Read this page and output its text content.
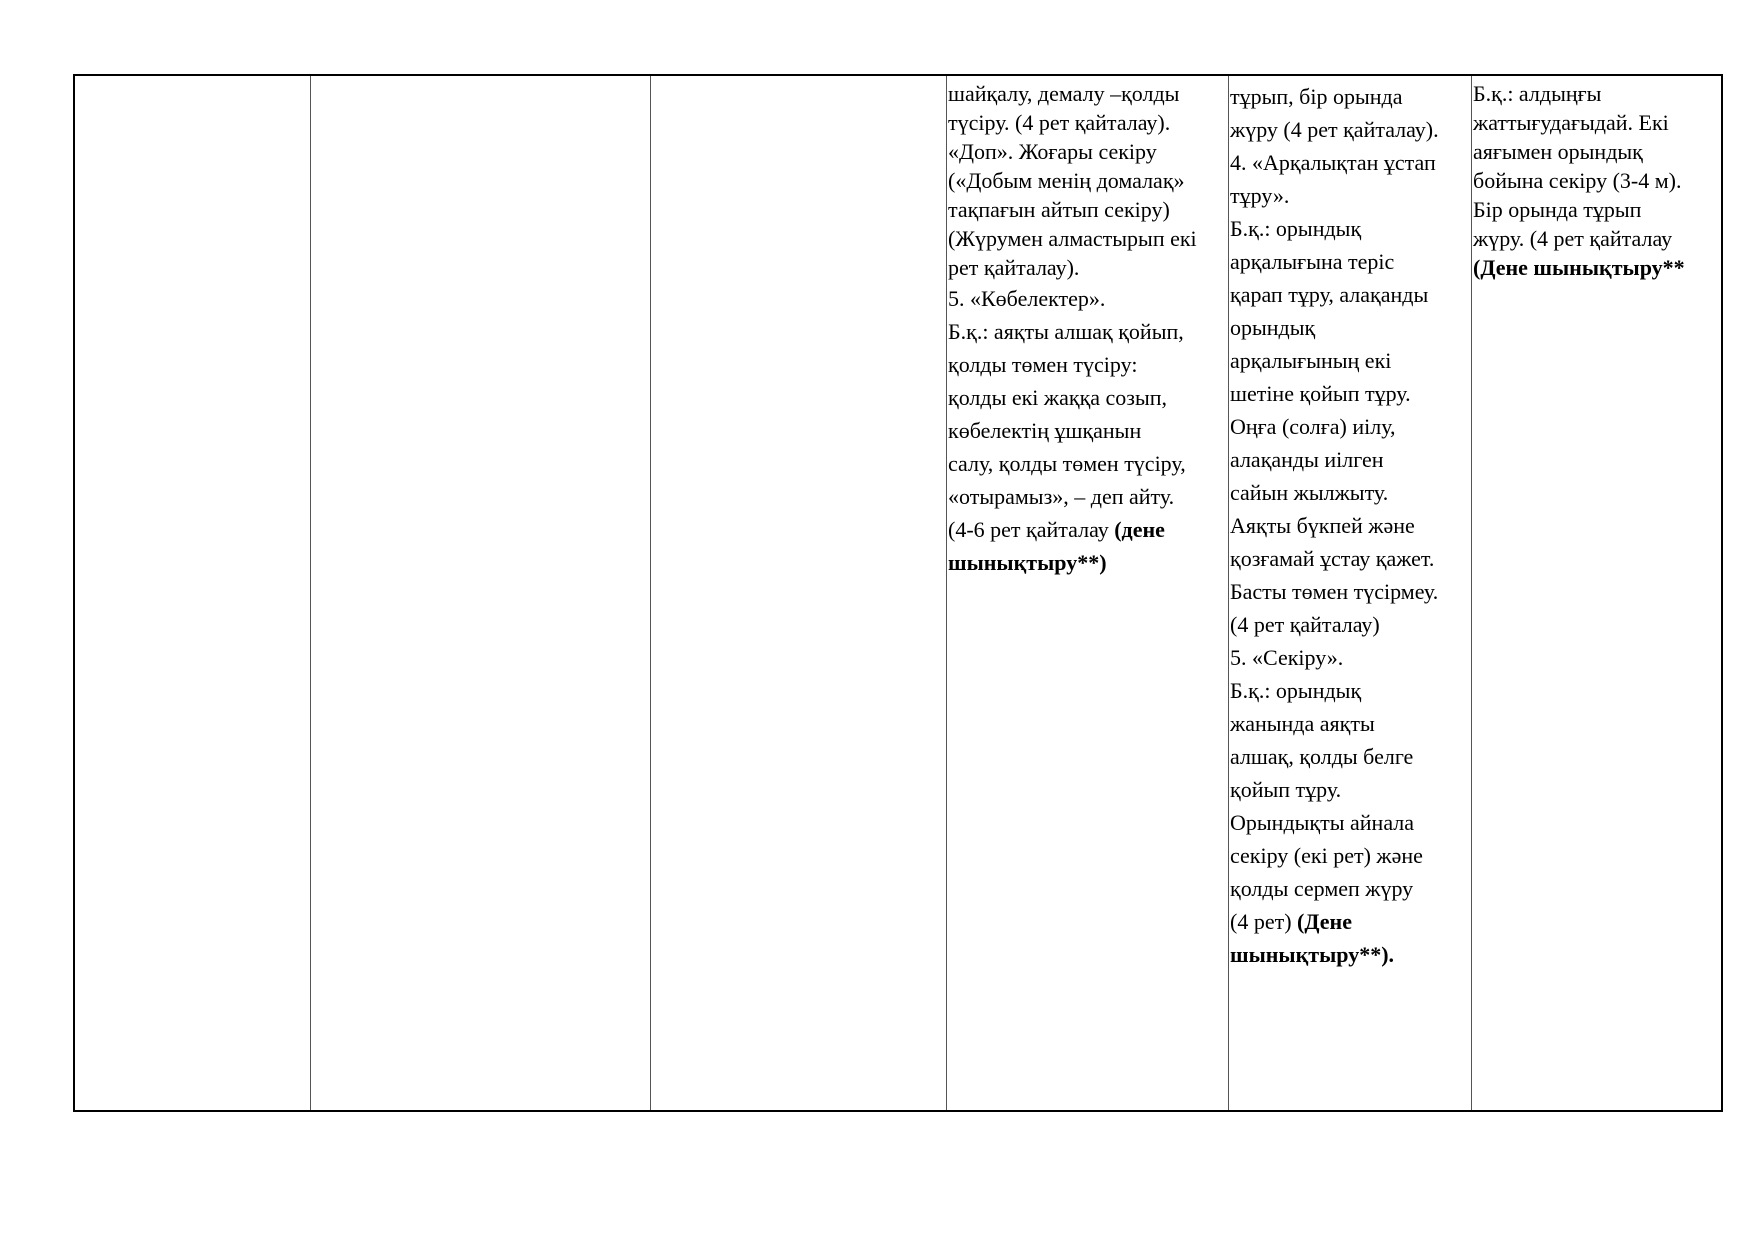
шайқалу, демалу –қолды
түсіру. (4 рет қайталау).
«Доп». Жоғары секіру
(«Добым менің домалақ»
тақпағын айтып секіру)
(Жүрумен алмастырып екі
рет қайталау).
5. «Көбелектер».
Б.қ.: аяқты алшақ қойып,
қолды төмен түсіру:
қолды екі жаққа созып,
көбелектің ұшқанын
салу, қолды төмен түсіру,
«отырамыз», – деп айту.
(4-6 рет қайталау (дене
шынықтыру**)
тұрып, бір орында
жүру (4 рет қайталау).
4. «Арқалықтан ұстап
тұру».
Б.қ.: орындық
арқалығына теріс
қарап тұру, алақанды
орындық
арқалығының екі
шетіне қойып тұру.
Оңға (солға) иілу,
алақанды иілген
сайын жылжыту.
Аяқты бүкпей және
қозғамай ұстау қажет.
Басты төмен түсірмеу.
(4 рет қайталау)
5. «Секіру».
Б.қ.: орындық
жанында аяқты
алшақ, қолды белге
қойып тұру.
Орындықты айнала
секіру (екі рет) және
қолды сермеп жүру
(4 рет) (Дене
шынықтыру**).
Б.қ.: алдыңғы
жаттығудағыдай. Екі
аяғымен орындық
бойына секіру (3-4 м).
Бір орында тұрып
жүру. (4 рет қайталау
(Дене шынықтыру**
